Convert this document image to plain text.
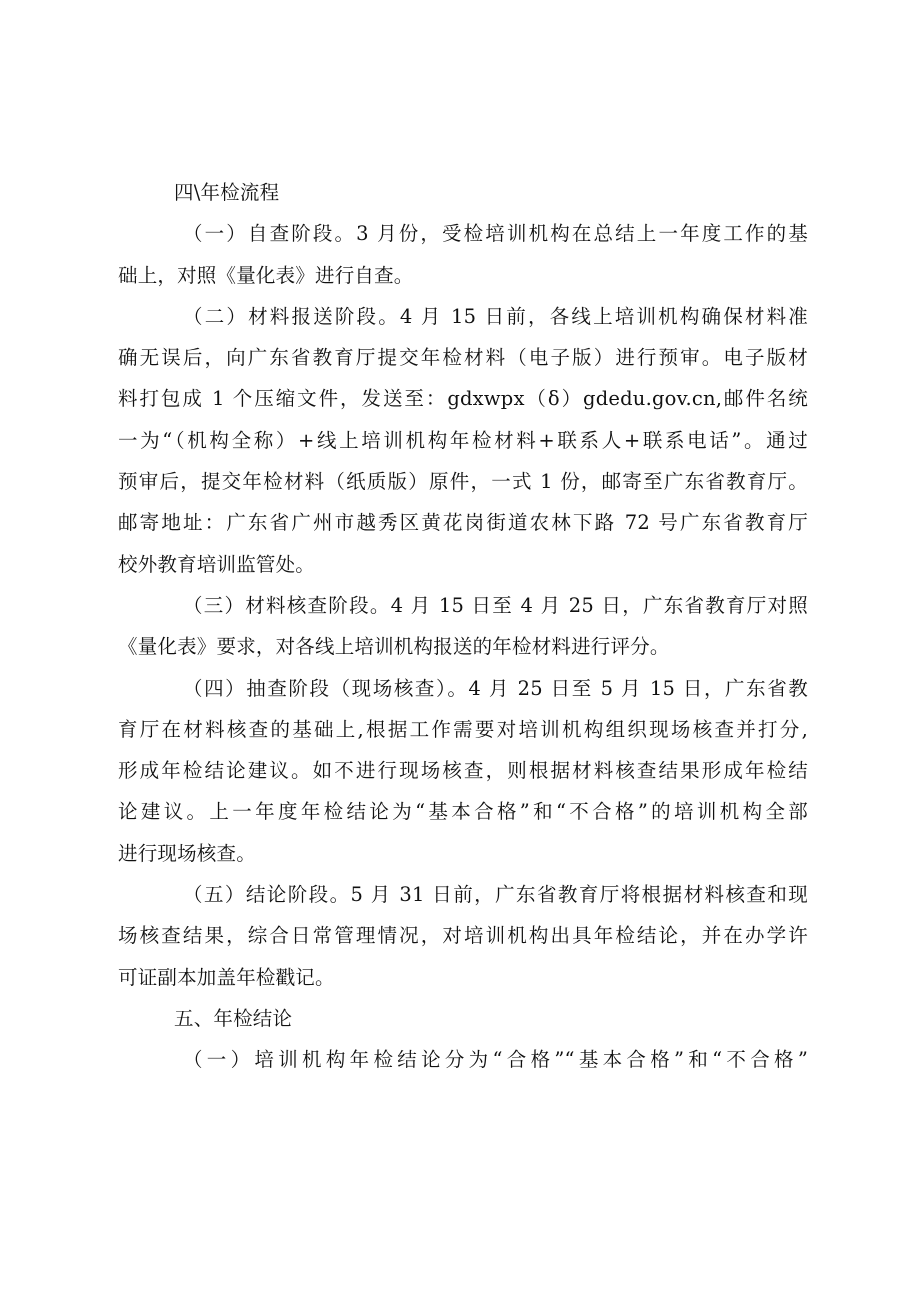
四\年检流程

（一）自查阶段。3 月份，受检培训机构在总结上一年度工作的基

础上，对照《量化表》进行自查。

（二）材料报送阶段。4 月 15 日前，各线上培训机构确保材料准

确无误后，向广东省教育厅提交年检材料（电子版）进行预审。电子版材

料打包成 1 个压缩文件，发送至：gdxwpx（δ）gdedu.gov.cn,邮件名统

一为“（机构全称）+线上培训机构年检材料+联系人+联系电话”。通过

预审后，提交年检材料（纸质版）原件，一式 1 份，邮寄至广东省教育厅。

邮寄地址：广东省广州市越秀区黄花岗街道农林下路 72 号广东省教育厅

校外教育培训监管处。

（三）材料核查阶段。4 月 15 日至 4 月 25 日，广东省教育厅对照

《量化表》要求，对各线上培训机构报送的年检材料进行评分。

（四）抽查阶段（现场核查）。4 月 25 日至 5 月 15 日，广东省教

育厅在材料核查的基础上,根据工作需要对培训机构组织现场核查并打分,

形成年检结论建议。如不进行现场核查，则根据材料核查结果形成年检结

论建议。上一年度年检结论为“基本合格”和“不合格”的培训机构全部

进行现场核查。

（五）结论阶段。5 月 31 日前，广东省教育厅将根据材料核查和现

场核查结果，综合日常管理情况，对培训机构出具年检结论，并在办学许

可证副本加盖年检戳记。

五、年检结论

（一）培训机构年检结论分为“合格”“基本合格”和“不合格”
